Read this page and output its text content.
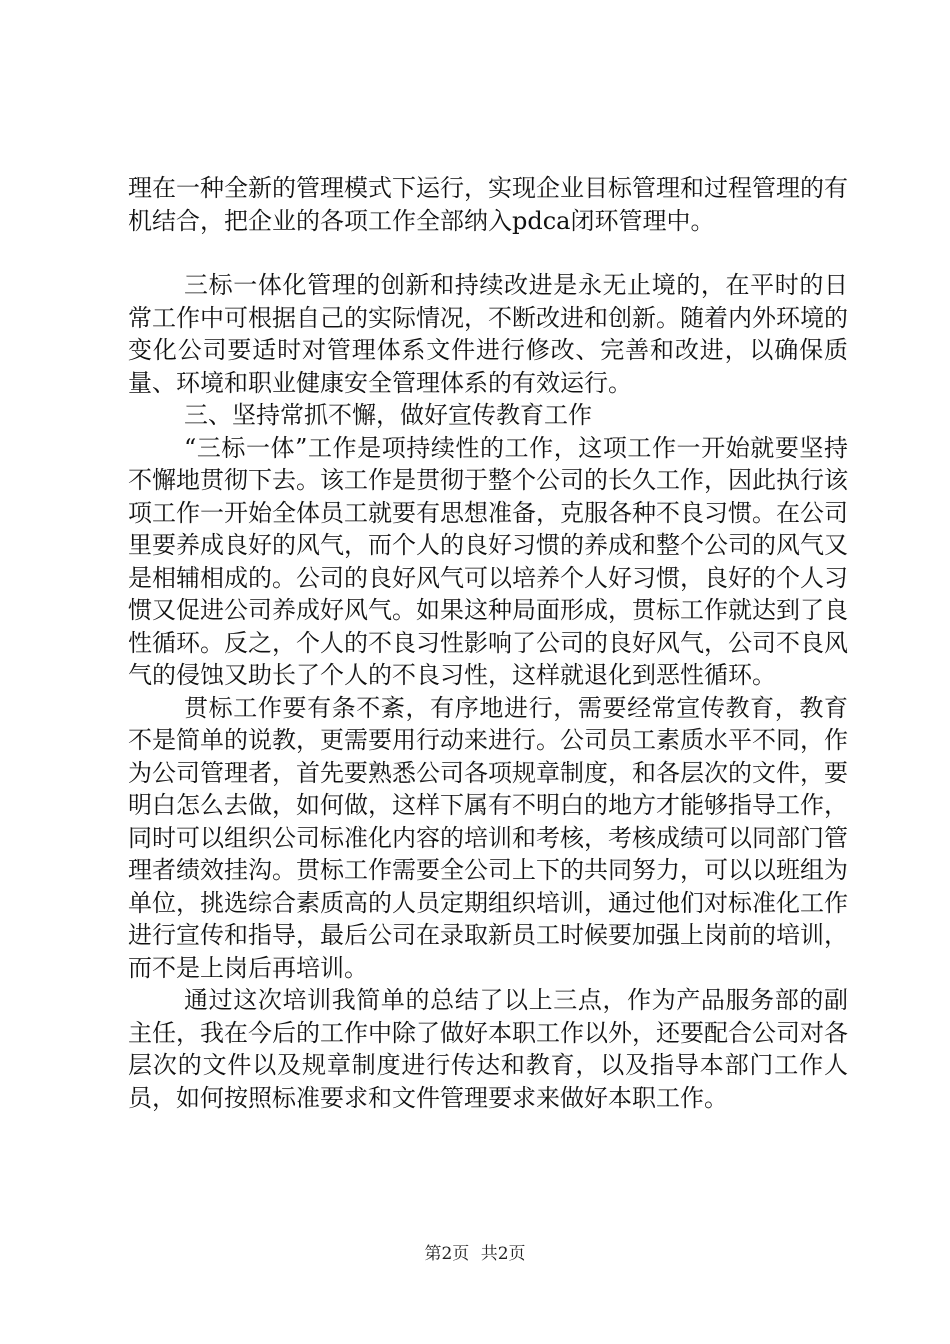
理在一种全新的管理模式下运行，实现企业目标管理和过程管理的有机结合，把企业的各项工作全部纳入pdca闭环管理中。

三标一体化管理的创新和持续改进是永无止境的，在平时的日常工作中可根据自己的实际情况，不断改进和创新。随着内外环境的变化公司要适时对管理体系文件进行修改、完善和改进，以确保质量、环境和职业健康安全管理体系的有效运行。

三、坚持常抓不懈，做好宣传教育工作

“三标一体”工作是项持续性的工作，这项工作一开始就要坚持不懈地贯彻下去。该工作是贯彻于整个公司的长久工作，因此执行该项工作一开始全体员工就要有思想准备，克服各种不良习惯。在公司里要养成良好的风气，而个人的良好习惯的养成和整个公司的风气又是相辅相成的。公司的良好风气可以培养个人好习惯，良好的个人习惯又促进公司养成好风气。如果这种局面形成，贯标工作就达到了良性循环。反之，个人的不良习性影响了公司的良好风气，公司不良风气的侵蚀又助长了个人的不良习性，这样就退化到恶性循环。

贯标工作要有条不紊，有序地进行，需要经常宣传教育，教育不是简单的说教，更需要用行动来进行。公司员工素质水平不同，作为公司管理者，首先要熟悉公司各项规章制度，和各层次的文件，要明白怎么去做，如何做，这样下属有不明白的地方才能够指导工作，同时可以组织公司标准化内容的培训和考核，考核成绩可以同部门管理者绩效挂沟。贯标工作需要全公司上下的共同努力，可以以班组为单位，挑选综合素质高的人员定期组织培训，通过他们对标准化工作进行宣传和指导，最后公司在录取新员工时候要加强上岗前的培训，而不是上岗后再培训。

通过这次培训我简单的总结了以上三点，作为产品服务部的副主任，我在今后的工作中除了做好本职工作以外，还要配合公司对各层次的文件以及规章制度进行传达和教育，以及指导本部门工作人员，如何按照标准要求和文件管理要求来做好本职工作。

第2页 共2页
